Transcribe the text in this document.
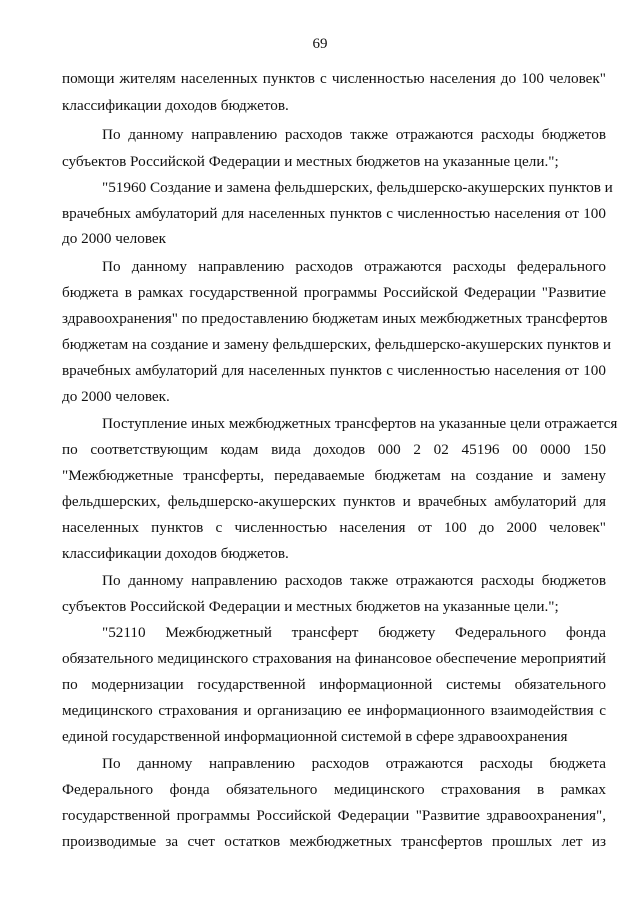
69
помощи жителям населенных пунктов с численностью населения до 100 человек"
классификации доходов бюджетов.
По данному направлению расходов также отражаются расходы бюджетов
субъектов Российской Федерации и местных бюджетов на указанные цели.";
"51960 Создание и замена фельдшерских, фельдшерско-акушерских пунктов и
врачебных амбулаторий для населенных пунктов с численностью населения от 100
до 2000 человек
По данному направлению расходов отражаются расходы федерального
бюджета в рамках государственной программы Российской Федерации "Развитие
здравоохранения" по предоставлению бюджетам иных межбюджетных трансфертов
бюджетам на создание и замену фельдшерских, фельдшерско-акушерских пунктов и
врачебных амбулаторий для населенных пунктов с численностью населения от 100
до 2000 человек.
Поступление иных межбюджетных трансфертов на указанные цели отражается
по соответствующим кодам вида доходов 000 2 02 45196 00 0000 150
"Межбюджетные трансферты, передаваемые бюджетам на создание и замену
фельдшерских, фельдшерско-акушерских пунктов и врачебных амбулаторий для
населенных пунктов с численностью населения от 100 до 2000 человек"
классификации доходов бюджетов.
По данному направлению расходов также отражаются расходы бюджетов
субъектов Российской Федерации и местных бюджетов на указанные цели.";
"52110 Межбюджетный трансферт бюджету Федерального фонда
обязательного медицинского страхования на финансовое обеспечение мероприятий
по модернизации государственной информационной системы обязательного
медицинского страхования и организацию ее информационного взаимодействия с
единой государственной информационной системой в сфере здравоохранения
По данному направлению расходов отражаются расходы бюджета
Федерального фонда обязательного медицинского страхования в рамках
государственной программы Российской Федерации "Развитие здравоохранения",
производимые за счет остатков межбюджетных трансфертов прошлых лет из
